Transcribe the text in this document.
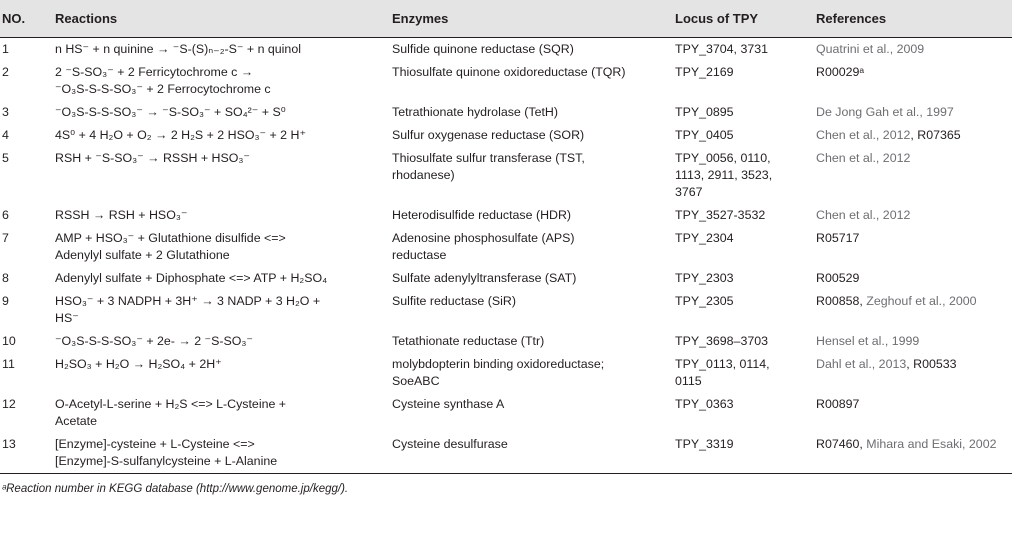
NO.	Reactions	Enzymes	Locus of TPY	References
1	n HS⁻ + n quinine → ⁻S-(S)ₙ₋₂-S⁻ + n quinol	Sulfide quinone reductase (SQR)	TPY_3704, 3731	Quatrini et al., 2009
2	2 ⁻S-SO₃⁻ + 2 Ferricytochrome c →
⁻O₃S-S-S-SO₃⁻ + 2 Ferrocytochrome c	Thiosulfate quinone oxidoreductase (TQR)	TPY_2169	R00029ᵃ
3	⁻O₃S-S-S-SO₃⁻ → ⁻S-SO₃⁻ + SO₄²⁻ + S⁰	Tetrathionate hydrolase (TetH)	TPY_0895	De Jong Gah et al., 1997
4	4S⁰ + 4 H₂O + O₂ → 2 H₂S + 2 HSO₃⁻ + 2 H⁺	Sulfur oxygenase reductase (SOR)	TPY_0405	Chen et al., 2012, R07365
5	RSH + ⁻S-SO₃⁻ → RSSH + HSO₃⁻	Thiosulfate sulfur transferase (TST,
rhodanese)	TPY_0056, 0110,
1113, 2911, 3523,
3767	Chen et al., 2012
6	RSSH → RSH + HSO₃⁻	Heterodisulfide reductase (HDR)	TPY_3527-3532	Chen et al., 2012
7	AMP + HSO₃⁻ + Glutathione disulfide <=>
Adenylyl sulfate + 2 Glutathione	Adenosine phosphosulfate (APS)
reductase	TPY_2304	R05717
8	Adenylyl sulfate + Diphosphate <=> ATP + H₂SO₄	Sulfate adenylyltransferase (SAT)	TPY_2303	R00529
9	HSO₃⁻ + 3 NADPH + 3H⁺ → 3 NADP + 3 H₂O +
HS⁻	Sulfite reductase (SiR)	TPY_2305	R00858, Zeghouf et al., 2000
10	⁻O₃S-S-S-SO₃⁻ + 2e- → 2 ⁻S-SO₃⁻	Tetathionate reductase (Ttr)	TPY_3698–3703	Hensel et al., 1999
11	H₂SO₃ + H₂O → H₂SO₄ + 2H⁺	molybdopterin binding oxidoreductase;
SoeABC	TPY_0113, 0114,
0115	Dahl et al., 2013, R00533
12	O-Acetyl-L-serine + H₂S <=> L-Cysteine +
Acetate	Cysteine synthase A	TPY_0363	R00897
13	[Enzyme]-cysteine + L-Cysteine <=>
[Enzyme]-S-sulfanylcysteine + L-Alanine	Cysteine desulfurase	TPY_3319	R07460, Mihara and Esaki, 2002
ᵃReaction number in KEGG database (http://www.genome.jp/kegg/).
